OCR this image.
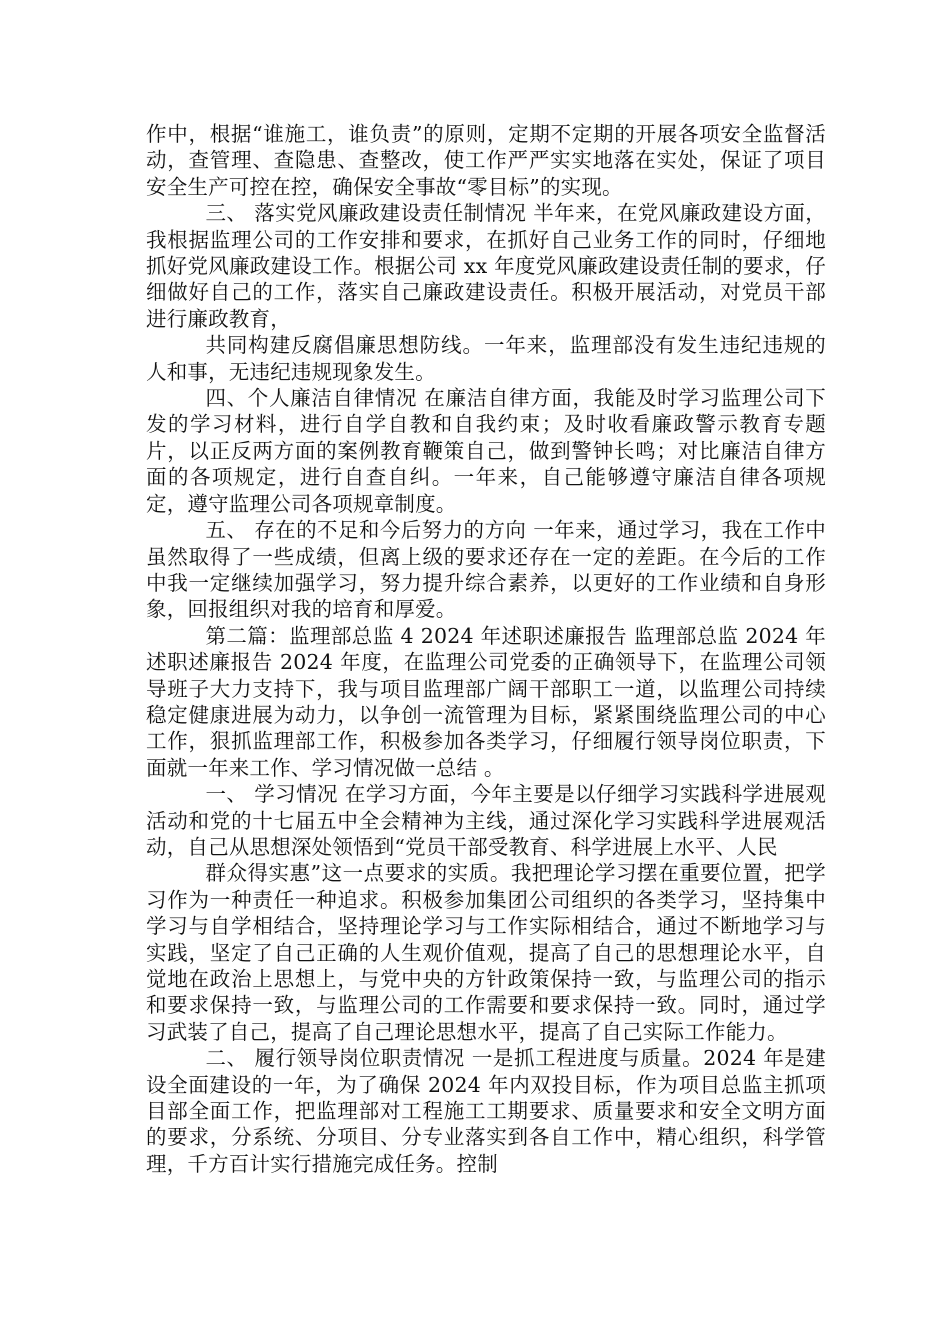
作中，根据“谁施工，谁负责”的原则，定期不定期的开展各项安全监督活动，查管理、查隐患、查整改，使工作严严实实地落在实处，保证了项目安全生产可控在控，确保安全事故“零目标”的实现。

三、 落实党风廉政建设责任制情况 半年来，在党风廉政建设方面，我根据监理公司的工作安排和要求，在抓好自己业务工作的同时，仔细地抓好党风廉政建设工作。根据公司 xx 年度党风廉政建设责任制的要求，仔细做好自己的工作，落实自己廉政建设责任。积极开展活动，对党员干部进行廉政教育，

共同构建反腐倡廉思想防线。一年来，监理部没有发生违纪违规的人和事，无违纪违规现象发生。

四、个人廉洁自律情况 在廉洁自律方面，我能及时学习监理公司下发的学习材料，进行自学自教和自我约束；及时收看廉政警示教育专题片，以正反两方面的案例教育鞭策自己，做到警钟长鸣；对比廉洁自律方面的各项规定，进行自查自纠。一年来，自己能够遵守廉洁自律各项规定，遵守监理公司各项规章制度。

五、 存在的不足和今后努力的方向 一年来，通过学习，我在工作中虽然取得了一些成绩，但离上级的要求还存在一定的差距。在今后的工作中我一定继续加强学习，努力提升综合素养，以更好的工作业绩和自身形象，回报组织对我的培育和厚爱。

第二篇：监理部总监 4 2024 年述职述廉报告 监理部总监 2024 年述职述廉报告 2024 年度，在监理公司党委的正确领导下，在监理公司领导班子大力支持下，我与项目监理部广阔干部职工一道，以监理公司持续稳定健康进展为动力，以争创一流管理为目标，紧紧围绕监理公司的中心工作，狠抓监理部工作，积极参加各类学习，仔细履行领导岗位职责，下面就一年来工作、学习情况做一总结 。

一、 学习情况 在学习方面，今年主要是以仔细学习实践科学进展观活动和党的十七届五中全会精神为主线，通过深化学习实践科学进展观活动，自己从思想深处领悟到“党员干部受教育、科学进展上水平、人民

群众得实惠”这一点要求的实质。我把理论学习摆在重要位置，把学习作为一种责任一种追求。积极参加集团公司组织的各类学习，坚持集中学习与自学相结合，坚持理论学习与工作实际相结合，通过不断地学习与实践，坚定了自己正确的人生观价值观，提高了自己的思想理论水平，自觉地在政治上思想上，与党中央的方针政策保持一致，与监理公司的指示和要求保持一致，与监理公司的工作需要和要求保持一致。同时，通过学习武装了自己，提高了自己理论思想水平，提高了自己实际工作能力。

二、 履行领导岗位职责情况 一是抓工程进度与质量。2024 年是建设全面建设的一年，为了确保 2024 年内双投目标，作为项目总监主抓项目部全面工作，把监理部对工程施工工期要求、质量要求和安全文明方面的要求，分系统、分项目、分专业落实到各自工作中，精心组织，科学管理，千方百计实行措施完成任务。控制
